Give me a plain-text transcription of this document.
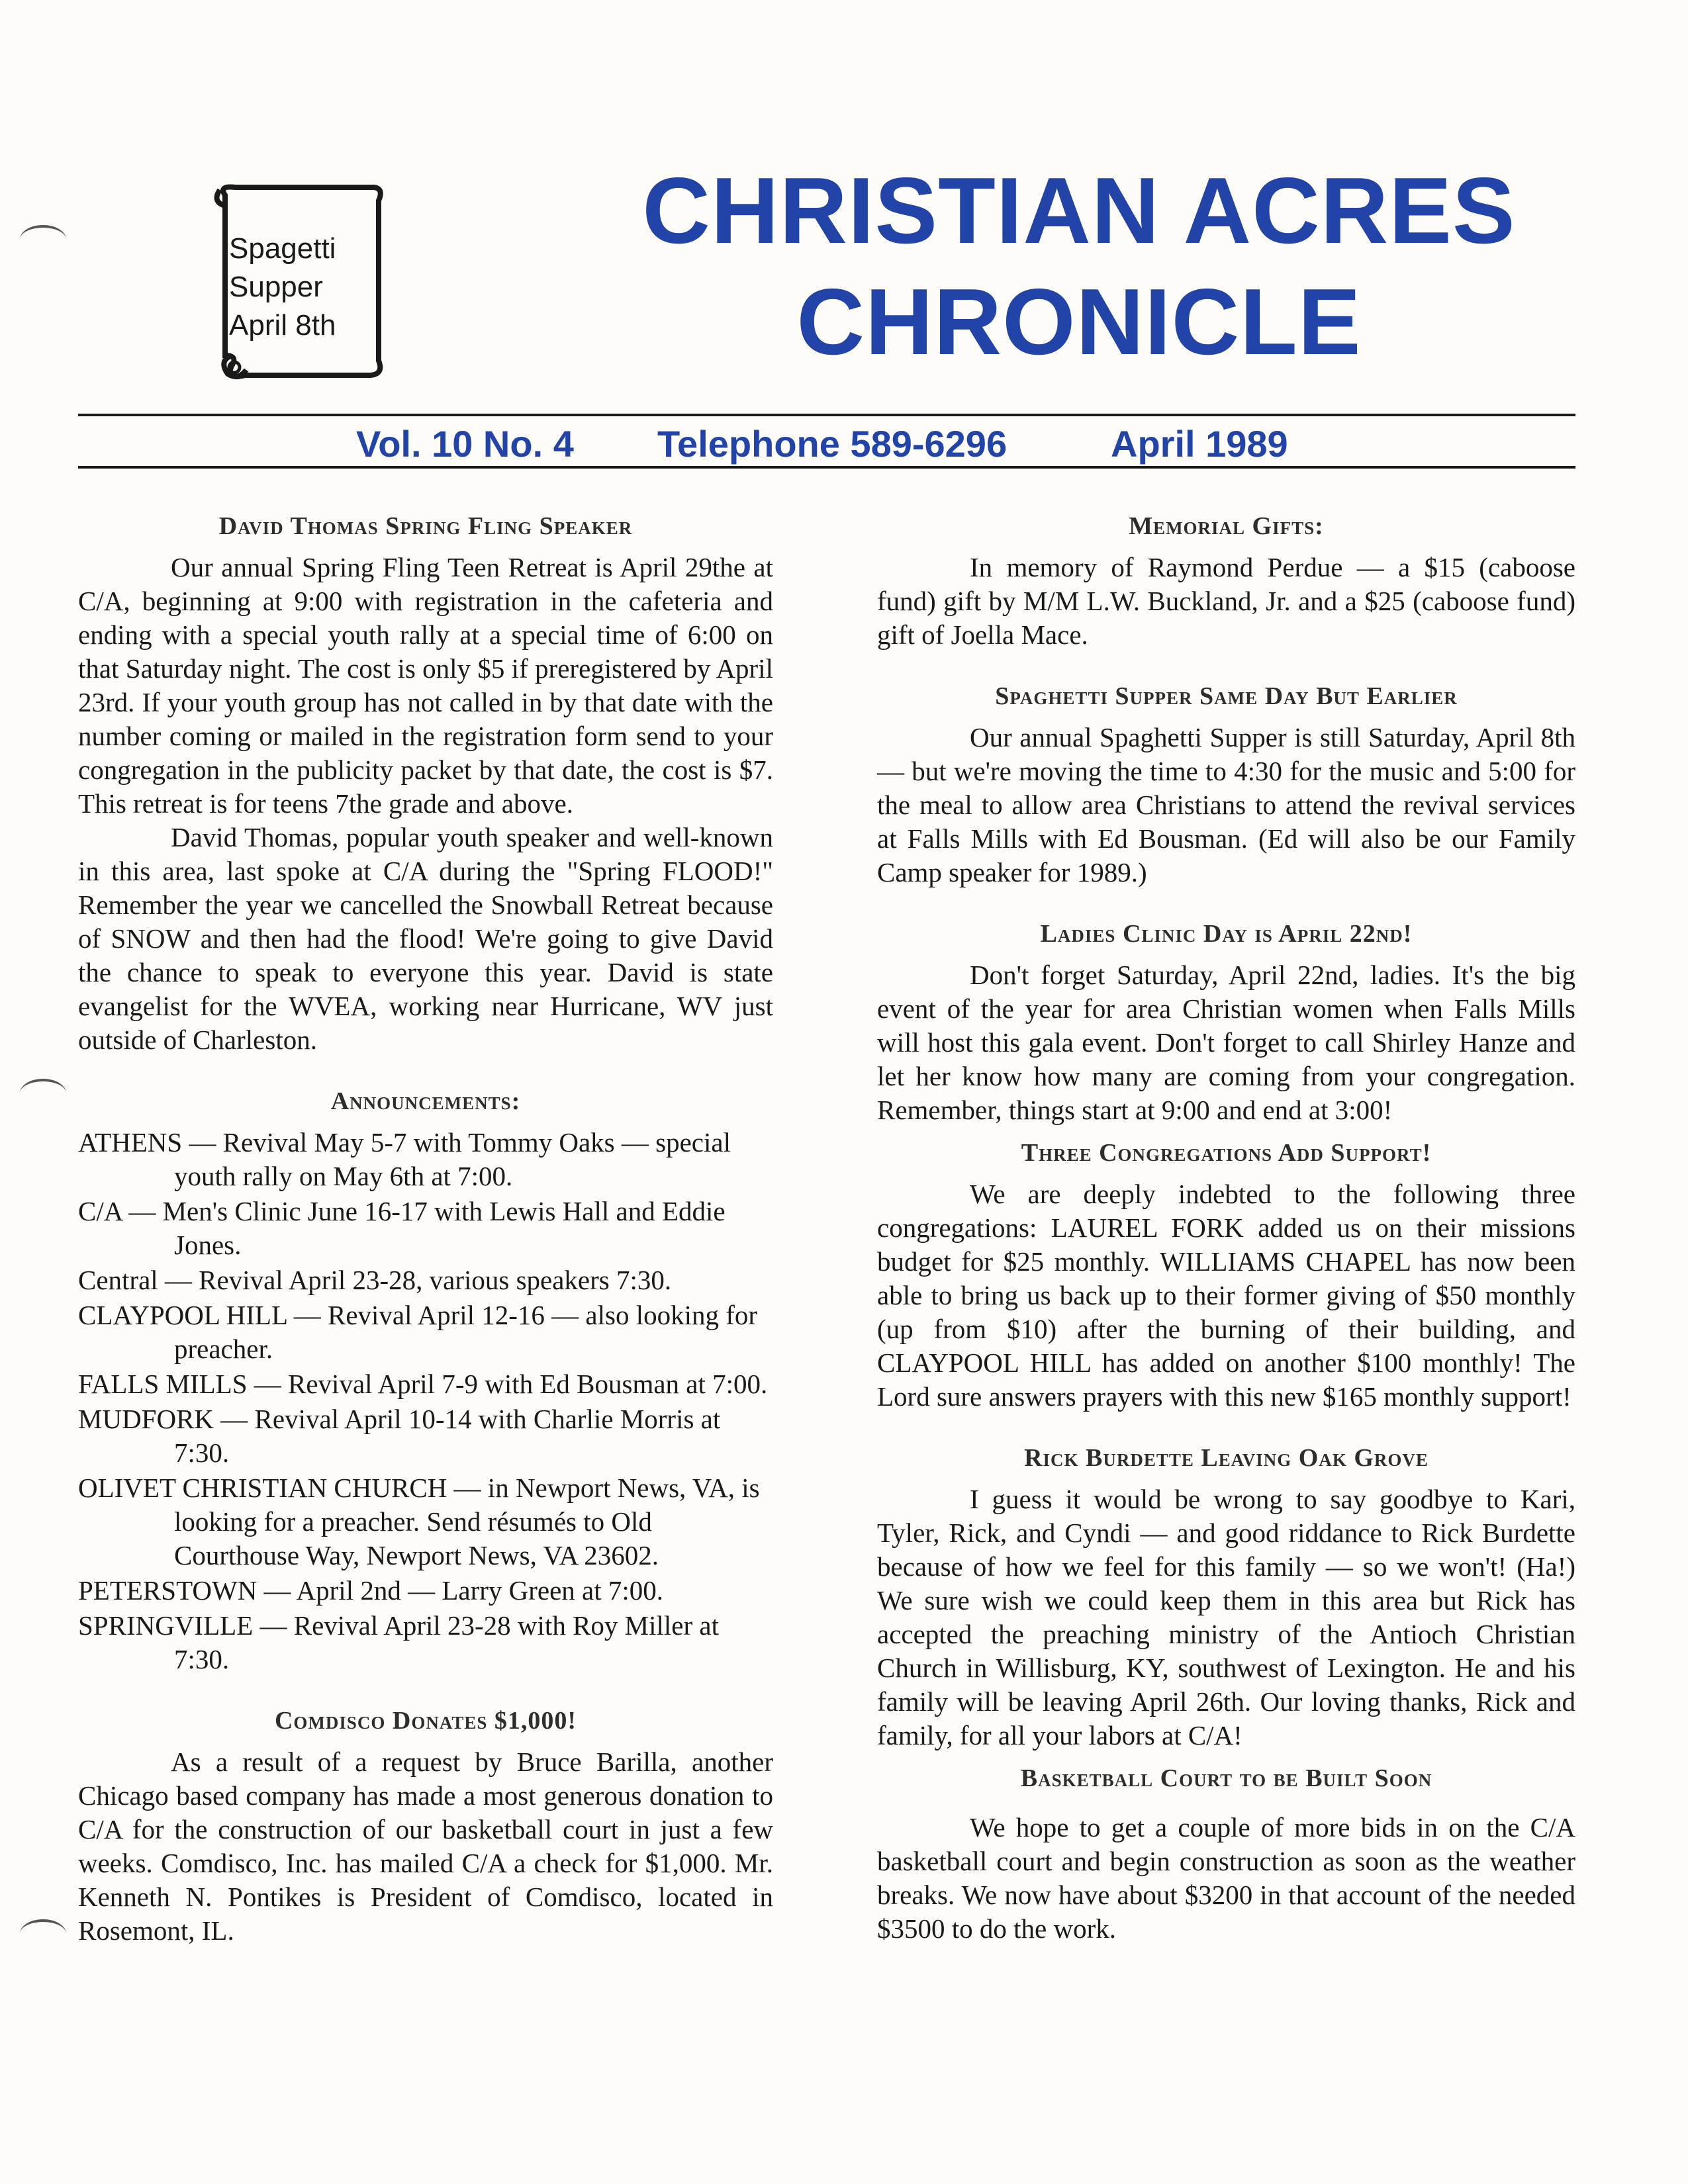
Spagetti
Supper
April 8th
CHRISTIAN ACRES
CHRONICLE
Vol. 10 No. 4 Telephone 589-6296	April 1989
David Thomas Spring Fling Speaker

Our annual Spring Fling Teen Retreat is April 29the at C/A, beginning at 9:00 with registration in the cafeteria and ending with a special youth rally at a special time of 6:00 on that Saturday night. The cost is only $5 if preregistered by April 23rd. If your youth group has not called in by that date with the number coming or mailed in the registration form send to your congregation in the publicity packet by that date, the cost is $7. This retreat is for teens 7the grade and above.

David Thomas, popular youth speaker and well-known in this area, last spoke at C/A during the "Spring FLOOD!" Remember the year we cancelled the Snowball Retreat because of SNOW and then had the flood! We're going to give David the chance to speak to everyone this year. David is state evangelist for the WVEA, working near Hurricane, WV just outside of Charleston.

Announcements:
ATHENS — Revival May 5-7 with Tommy Oaks — special youth rally on May 6th at 7:00.
C/A — Men's Clinic June 16-17 with Lewis Hall and Eddie Jones.
Central — Revival April 23-28, various speakers 7:30.
CLAYPOOL HILL — Revival April 12-16 — also looking for preacher.
FALLS MILLS — Revival April 7-9 with Ed Bousman at 7:00.
MUDFORK — Revival April 10-14 with Charlie Morris at 7:30.
OLIVET CHRISTIAN CHURCH — in Newport News, VA, is looking for a preacher. Send résumés to Old Courthouse Way, Newport News, VA 23602.
PETERSTOWN — April 2nd — Larry Green at 7:00.
SPRINGVILLE — Revival April 23-28 with Roy Miller at 7:30.
Comdisco Donates $1,000!

As a result of a request by Bruce Barilla, another Chicago based company has made a most generous donation to C/A for the construction of our basketball court in just a few weeks. Comdisco, Inc. has mailed C/A a check for $1,000. Mr. Kenneth N. Pontikes is President of Comdisco, located in Rosemont, IL.

Memorial Gifts:

In memory of Raymond Perdue — a $15 (caboose fund) gift by M/M L.W. Buckland, Jr. and a $25 (caboose fund) gift of Joella Mace.

Spaghetti Supper Same Day But Earlier

Our annual Spaghetti Supper is still Saturday, April 8th — but we're moving the time to 4:30 for the music and 5:00 for the meal to allow area Christians to attend the revival services at Falls Mills with Ed Bousman. (Ed will also be our Family Camp speaker for 1989.)

Ladies Clinic Day is April 22nd!

Don't forget Saturday, April 22nd, ladies. It's the big event of the year for area Christian women when Falls Mills will host this gala event. Don't forget to call Shirley Hanze and let her know how many are coming from your congregation. Remember, things start at 9:00 and end at 3:00!

Three Congregations Add Support!

We are deeply indebted to the following three congregations: LAUREL FORK added us on their missions budget for $25 monthly. WILLIAMS CHAPEL has now been able to bring us back up to their former giving of $50 monthly (up from $10) after the burning of their building, and CLAYPOOL HILL has added on another $100 monthly! The Lord sure answers prayers with this new $165 monthly support!

Rick Burdette Leaving Oak Grove

I guess it would be wrong to say goodbye to Kari, Tyler, Rick, and Cyndi — and good riddance to Rick Burdette because of how we feel for this family — so we won't! (Ha!) We sure wish we could keep them in this area but Rick has accepted the preaching ministry of the Antioch Christian Church in Willisburg, KY, southwest of Lexington. He and his family will be leaving April 26th. Our loving thanks, Rick and family, for all your labors at C/A!

Basketball Court to be Built Soon

We hope to get a couple of more bids in on the C/A basketball court and begin construction as soon as the weather breaks. We now have about $3200 in that account of the needed $3500 to do the work.
